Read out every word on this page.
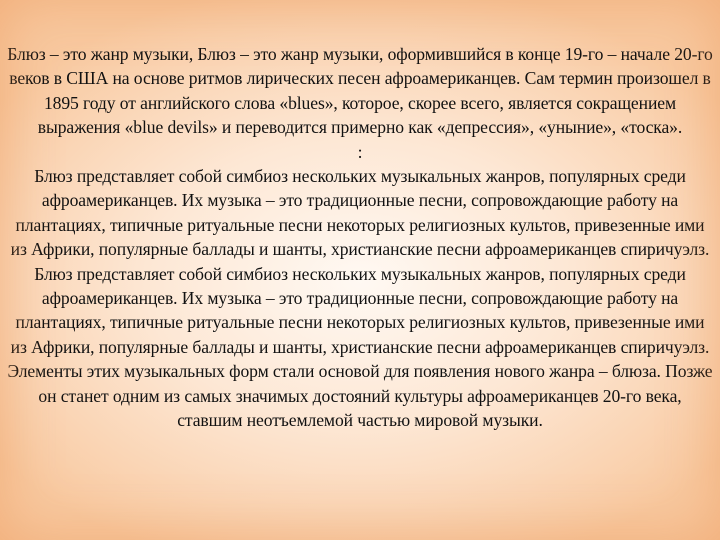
Блюз – это жанр музыки, Блюз – это жанр музыки, оформившийся в конце 19-го – начале 20-го веков в США на основе ритмов лирических песен афроамериканцев. Сам термин произошел в 1895 году от английского слова «blues», которое, скорее всего, является сокращением выражения «blue devils» и переводится примерно как «депрессия», «уныние», «тоска».

:

Блюз представляет собой симбиоз нескольких музыкальных жанров, популярных среди афроамериканцев. Их музыка – это традиционные песни, сопровождающие работу на плантациях, типичные ритуальные песни некоторых религиозных культов, привезенные ими из Африки, популярные баллады и шанты, христианские песни афроамериканцев спиричуэлз. Блюз представляет собой симбиоз нескольких музыкальных жанров, популярных среди афроамериканцев. Их музыка – это традиционные песни, сопровождающие работу на плантациях, типичные ритуальные песни некоторых религиозных культов, привезенные ими из Африки, популярные баллады и шанты, христианские песни афроамериканцев спиричуэлз. Элементы этих музыкальных форм стали основой для появления нового жанра – блюза. Позже он станет одним из самых значимых достояний культуры афроамериканцев 20-го века, ставшим неотъемлемой частью мировой музыки.
